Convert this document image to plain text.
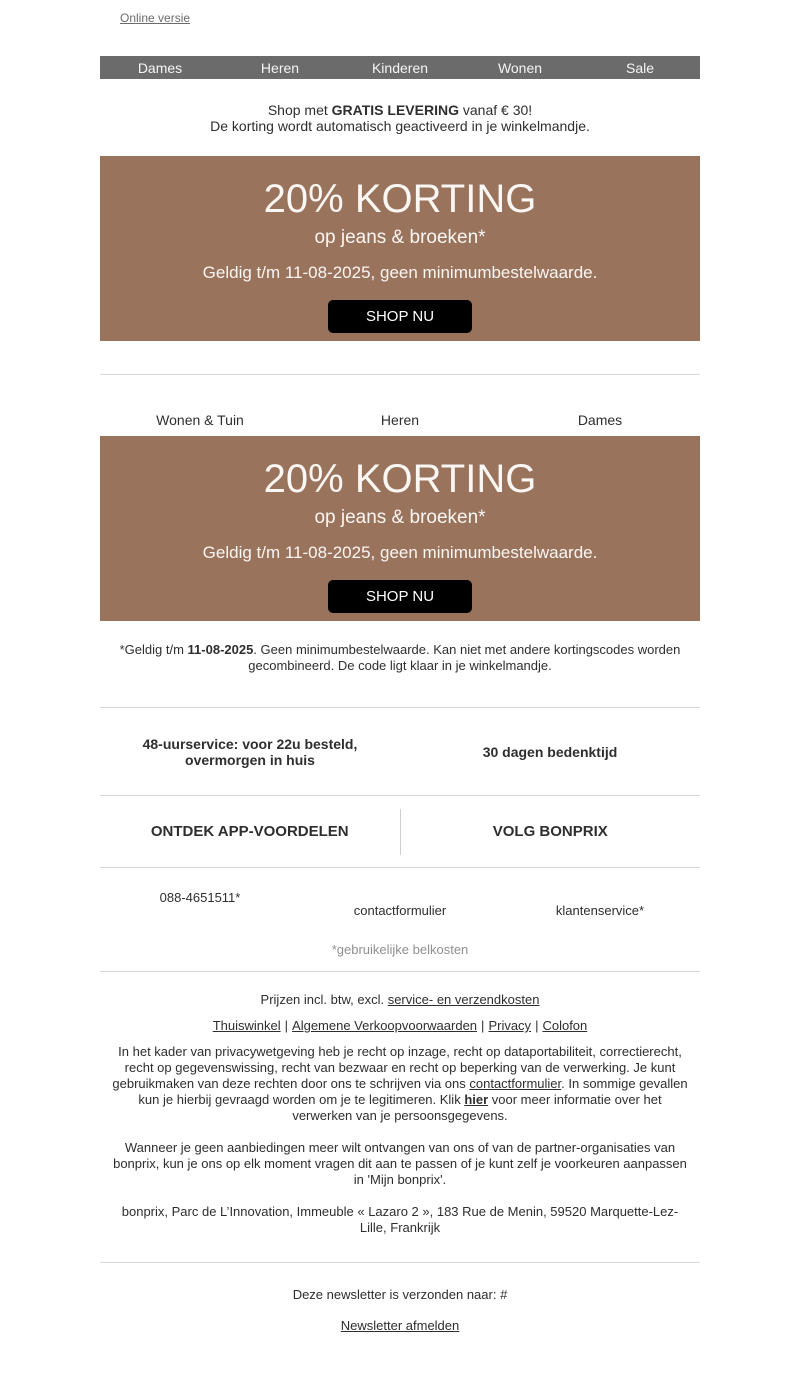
Online versie
Dames	Heren	Kinderen	Wonen	Sale
Shop met GRATIS LEVERING vanaf € 30!
De korting wordt automatisch geactiveerd in je winkelmandje.
20% KORTING
op jeans & broeken*
Geldig t/m 11-08-2025, geen minimumbestelwaarde.
SHOP NU
Wonen & Tuin	Heren	Dames
20% KORTING
op jeans & broeken*
Geldig t/m 11-08-2025, geen minimumbestelwaarde.
SHOP NU
*Geldig t/m 11-08-2025. Geen minimumbestelwaarde. Kan niet met andere kortingscodes worden gecombineerd. De code ligt klaar in je winkelmandje.
48-uurservice: voor 22u besteld, overmorgen in huis	30 dagen bedenktijd
ONTDEK APP-VOORDELEN	VOLG BONPRIX
088-4651511*
contactformulier	klantenservice*
*gebruikelijke belkosten
Prijzen incl. btw, excl. service- en verzendkosten
Thuiswinkel | Algemene Verkoopvoorwaarden | Privacy | Colofon
In het kader van privacywetgeving heb je recht op inzage, recht op dataportabiliteit, correctierecht, recht op gegevenswissing, recht van bezwaar en recht op beperking van de verwerking. Je kunt gebruikmaken van deze rechten door ons te schrijven via ons contactformulier. In sommige gevallen kun je hierbij gevraagd worden om je te legitimeren. Klik hier voor meer informatie over het verwerken van je persoonsgegevens.
Wanneer je geen aanbiedingen meer wilt ontvangen van ons of van de partner-organisaties van bonprix, kun je ons op elk moment vragen dit aan te passen of je kunt zelf je voorkeuren aanpassen in 'Mijn bonprix'.
bonprix, Parc de L’Innovation, Immeuble « Lazaro 2 », 183 Rue de Menin, 59520 Marquette-Lez-Lille, Frankrijk
Deze newsletter is verzonden naar: #
Newsletter afmelden
